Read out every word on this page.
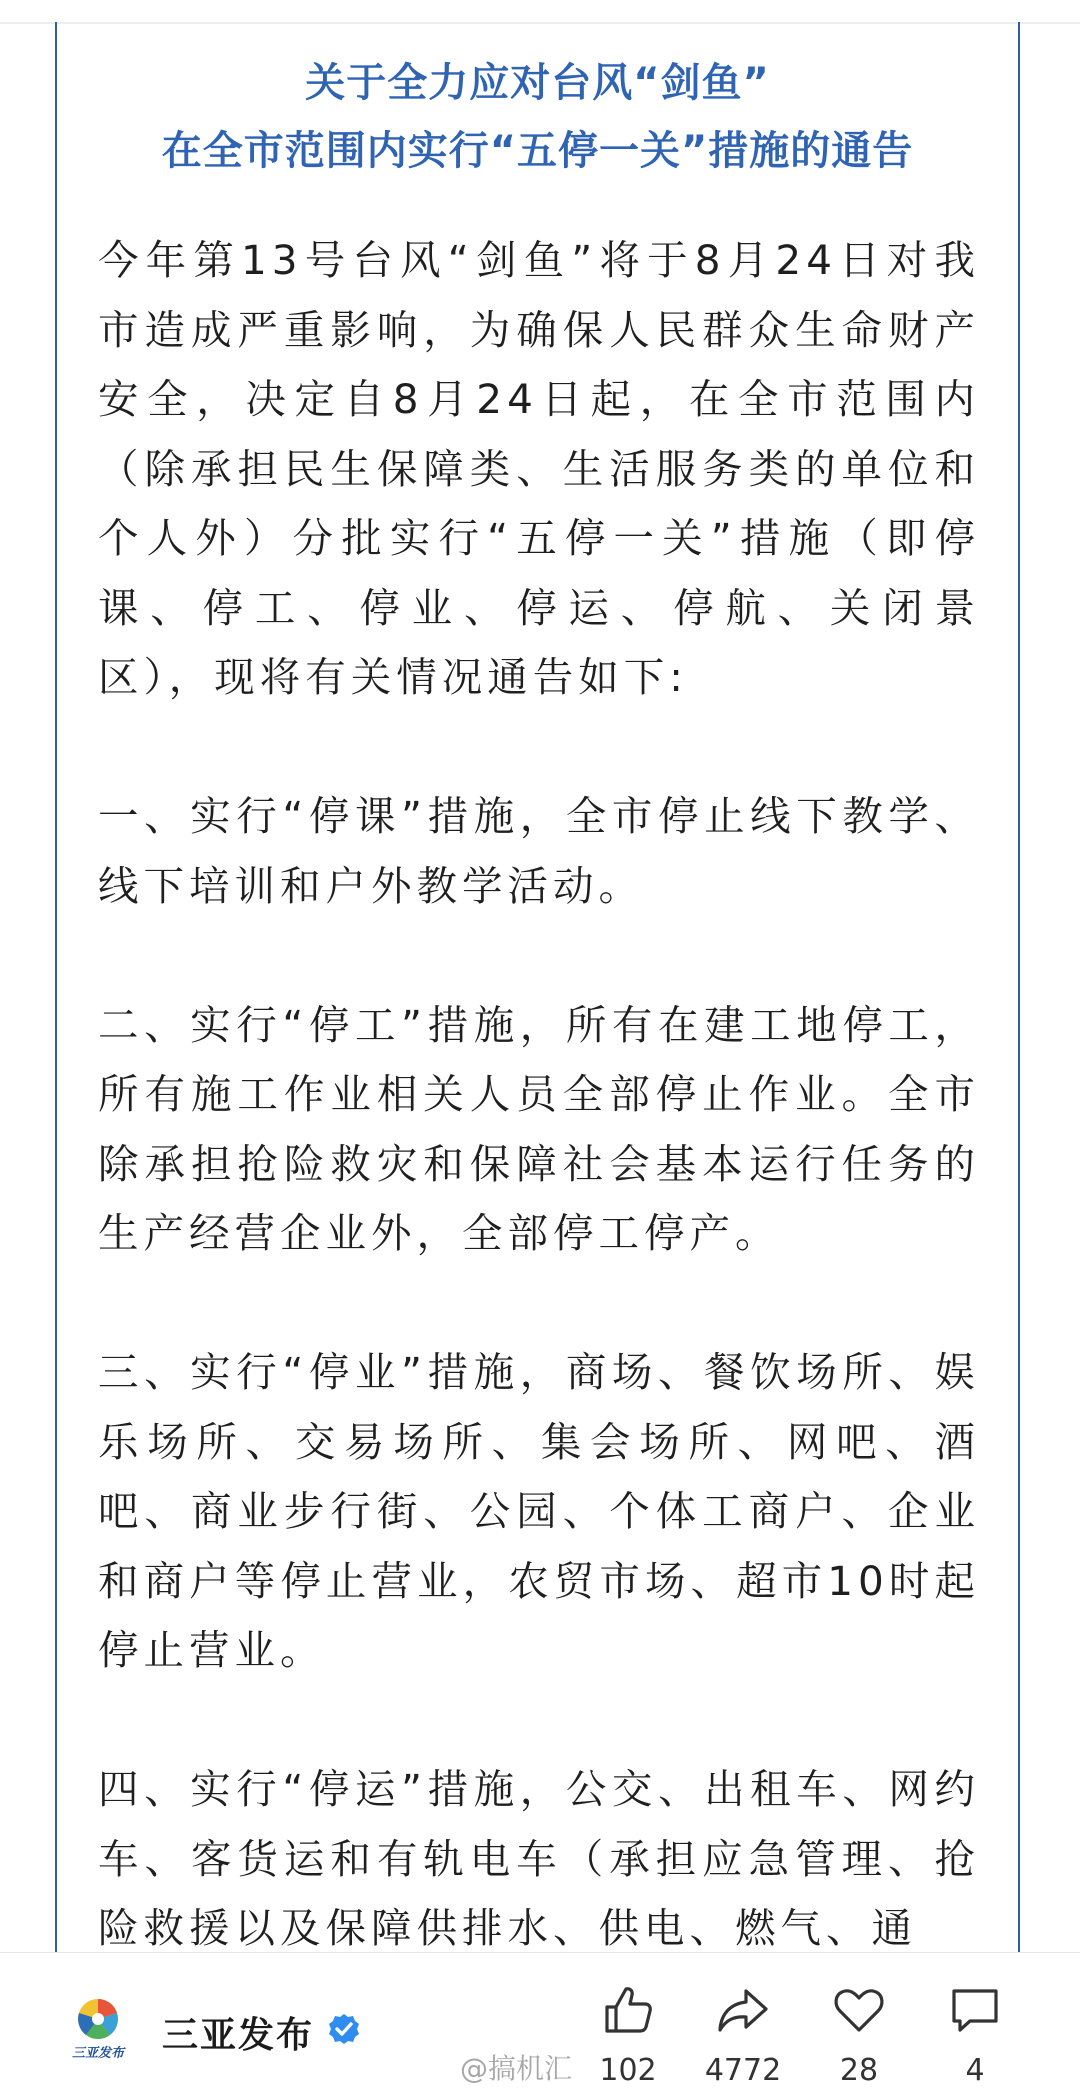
关于全力应对台风“剑鱼”
在全市范围内实行“五停一关”措施的通告

今年第13号台风“剑鱼”将于8月24日对我市造成严重影响，为确保人民群众生命财产安全，决定自8月24日起，在全市范围内（除承担民生保障类、生活服务类的单位和个人外）分批实行“五停一关”措施（即停课、停工、停业、停运、停航、关闭景区），现将有关情况通告如下:

一、实行“停课”措施，全市停止线下教学、线下培训和户外教学活动。

二、实行“停工”措施，所有在建工地停工，所有施工作业相关人员全部停止作业。全市除承担抢险救灾和保障社会基本运行任务的生产经营企业外，全部停工停产。

三、实行“停业”措施，商场、餐饮场所、娱乐场所、交易场所、集会场所、网吧、酒吧、商业步行街、公园、个体工商户、企业和商户等停止营业，农贸市场、超市10时起停止营业。

四、实行“停运”措施，公交、出租车、网约车、客货运和有轨电车（承担应急管理、抢险救援以及保障供排水、供电、燃气、通

三亚发布 三亚发布
@搞机汇 102	4772	28	4
